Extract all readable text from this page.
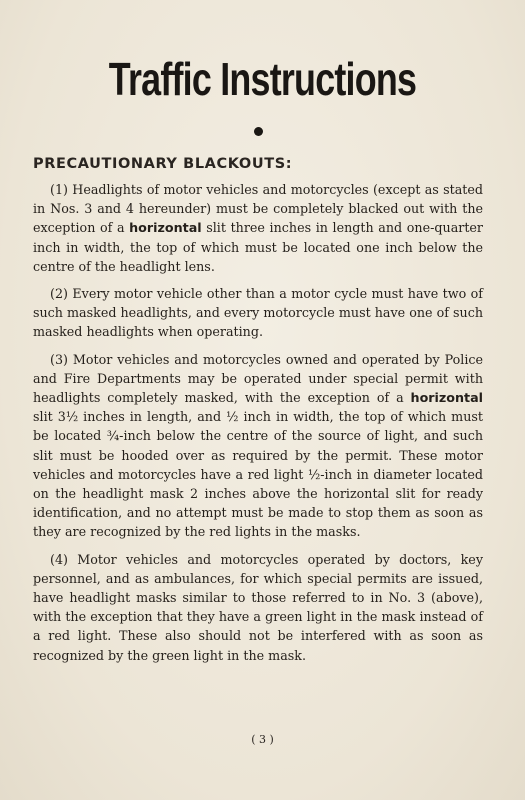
Traffic Instructions
PRECAUTIONARY BLACKOUTS:

(1) Headlights of motor vehicles and motorcycles (except as stated in Nos. 3 and 4 hereunder) must be completely blacked out with the exception of a horizontal slit three inches in length and one-quarter inch in width, the top of which must be located one inch below the centre of the headlight lens.

(2) Every motor vehicle other than a motor cycle must have two of such masked headlights, and every motorcycle must have one of such masked headlights when operating.

(3) Motor vehicles and motorcycles owned and operated by Police and Fire Departments may be operated under special permit with headlights completely masked, with the exception of a horizontal slit 3½ inches in length, and ½ inch in width, the top of which must be located ¾-inch below the centre of the source of light, and such slit must be hooded over as required by the permit. These motor vehicles and motorcycles have a red light ½-inch in diameter located on the headlight mask 2 inches above the horizontal slit for ready identification, and no attempt must be made to stop them as soon as they are recognized by the red lights in the masks.

(4) Motor vehicles and motorcycles operated by doctors, key personnel, and as ambulances, for which special permits are issued, have headlight masks similar to those referred to in No. 3 (above), with the exception that they have a green light in the mask instead of a red light. These also should not be interfered with as soon as recognized by the green light in the mask.

( 3 )
